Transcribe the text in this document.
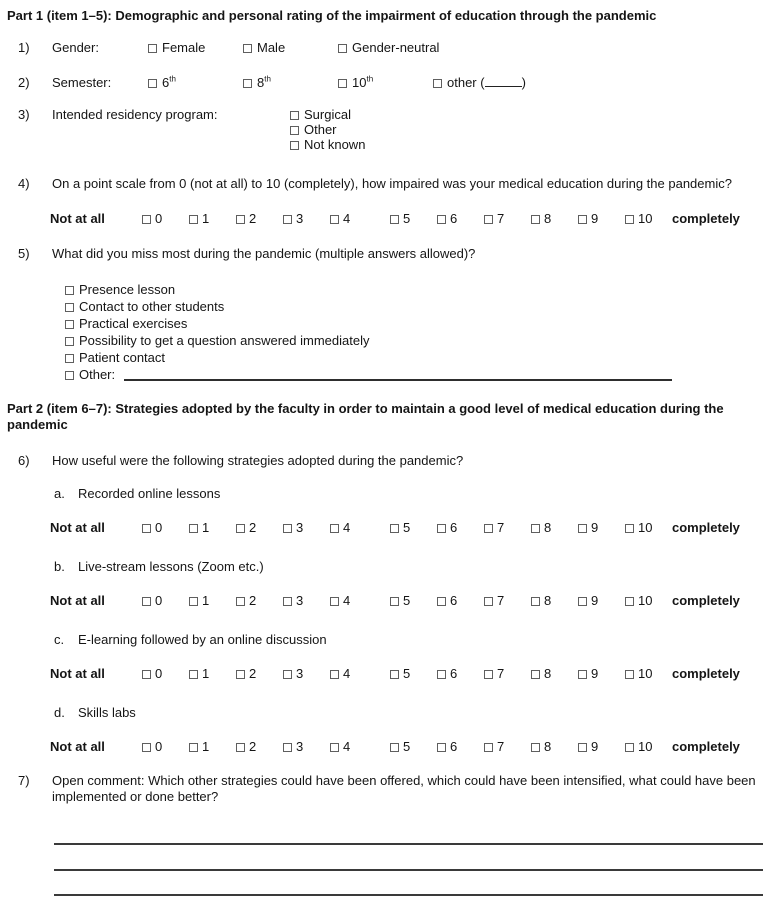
Part 1 (item 1–5): Demographic and personal rating of the impairment of education through the pandemic
1)	Gender:	Female	Male	Gender-neutral
2)	Semester:	6th	8th	10th	other (	)
3)	Intended residency program:	Surgical
Other
Not known
4)	On a point scale from 0 (not at all) to 10 (completely), how impaired was your medical education during the pandemic?
Not at all	0	1	2	3	4	5	6	7	8	9	10 completely
5)	What did you miss most during the pandemic (multiple answers allowed)?
Presence lesson
Contact to other students
Practical exercises
Possibility to get a question answered immediately
Patient contact
Other:
Part 2 (item 6–7): Strategies adopted by the faculty in order to maintain a good level of medical education during the pandemic
6)	How useful were the following strategies adopted during the pandemic?
a.	Recorded online lessons
Not at all	0	1	2	3	4	5	6	7	8	9	10 completely
b.	Live-stream lessons (Zoom etc.)
Not at all	0	1	2	3	4	5	6	7	8	9	10 completely
c.	E-learning followed by an online discussion
Not at all	0	1	2	3	4	5	6	7	8	9	10 completely
d.	Skills labs
Not at all	0	1	2	3	4	5	6	7	8	9	10 completely
7)	Open comment: Which other strategies could have been offered, which could have been intensified, what could have been implemented or done better?
